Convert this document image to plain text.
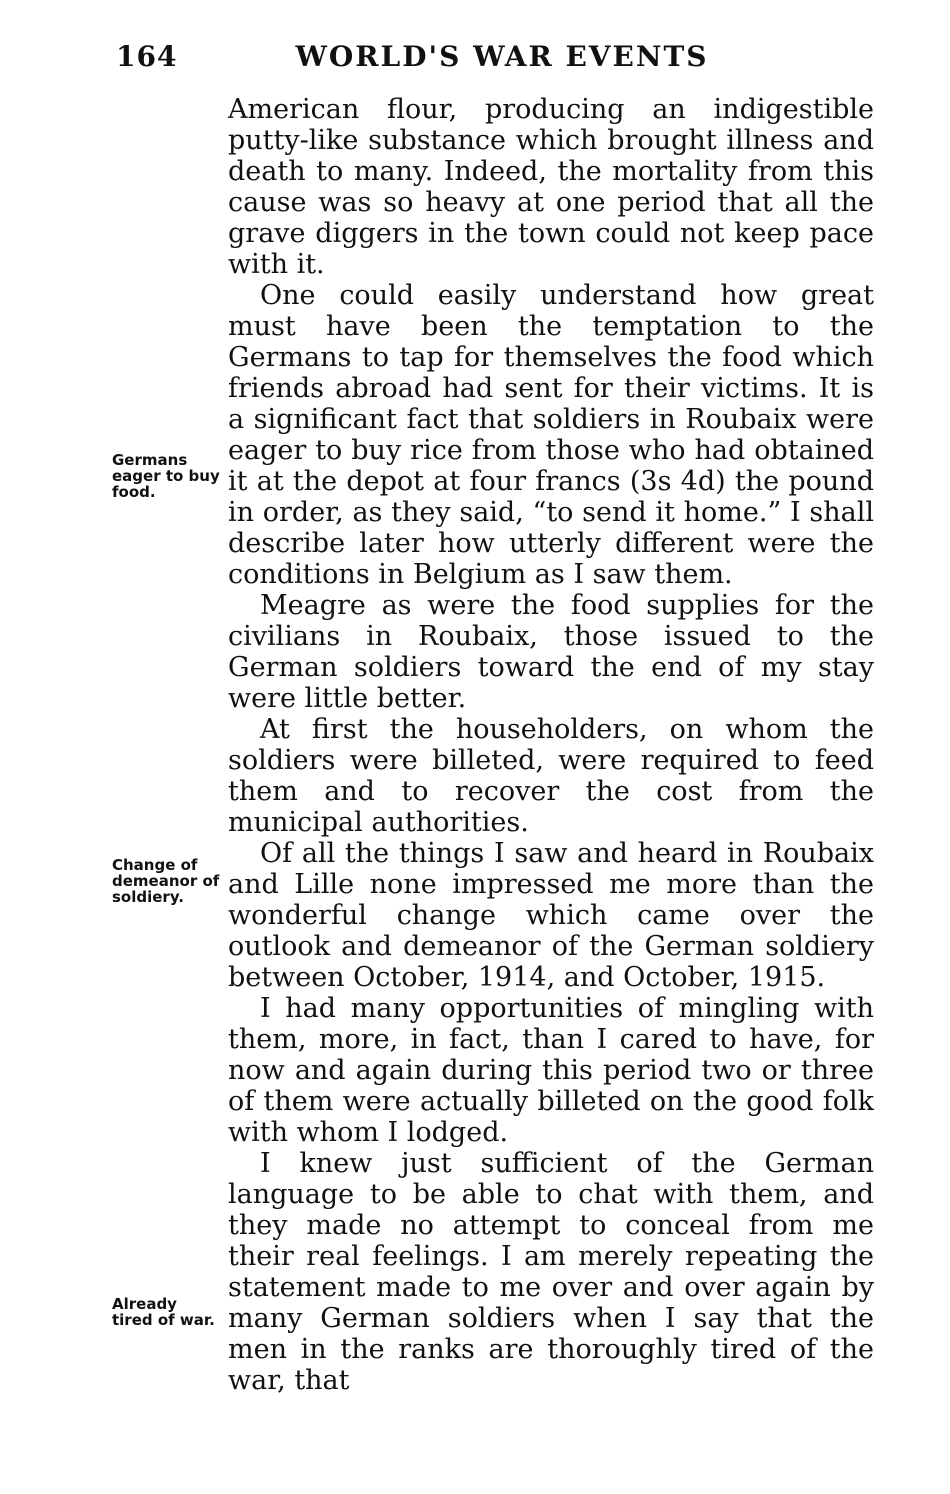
164	WORLD'S WAR EVENTS

American flour, producing an indigestible putty-like substance which brought illness and death to many. Indeed, the mortality from this cause was so heavy at one period that all the grave diggers in the town could not keep pace with it.

One could easily understand how great must have been the temptation to the Germans to tap for themselves the food which friends abroad had sent for their victims. It is a significant fact that soldiers in Roubaix were eager to buy rice from those who had obtained it at the depot at four francs (3s 4d) the pound in order, as they said, “to send it home.” I shall describe later how utterly different were the conditions in Belgium as I saw them.

Meagre as were the food supplies for the civilians in Roubaix, those issued to the German soldiers toward the end of my stay were little better.

At first the householders, on whom the soldiers were billeted, were required to feed them and to recover the cost from the municipal authorities.

Of all the things I saw and heard in Roubaix and Lille none impressed me more than the wonderful change which came over the outlook and demeanor of the German soldiery between October, 1914, and October, 1915.

I had many opportunities of mingling with them, more, in fact, than I cared to have, for now and again during this period two or three of them were actually billeted on the good folk with whom I lodged.

I knew just sufficient of the German language to be able to chat with them, and they made no attempt to conceal from me their real feelings. I am merely repeating the statement made to me over and over again by many German soldiers when I say that the men in the ranks are thoroughly tired of the war, that

Germans eager to buy food.
Change of demeanor of soldiery.
Already tired of war.
